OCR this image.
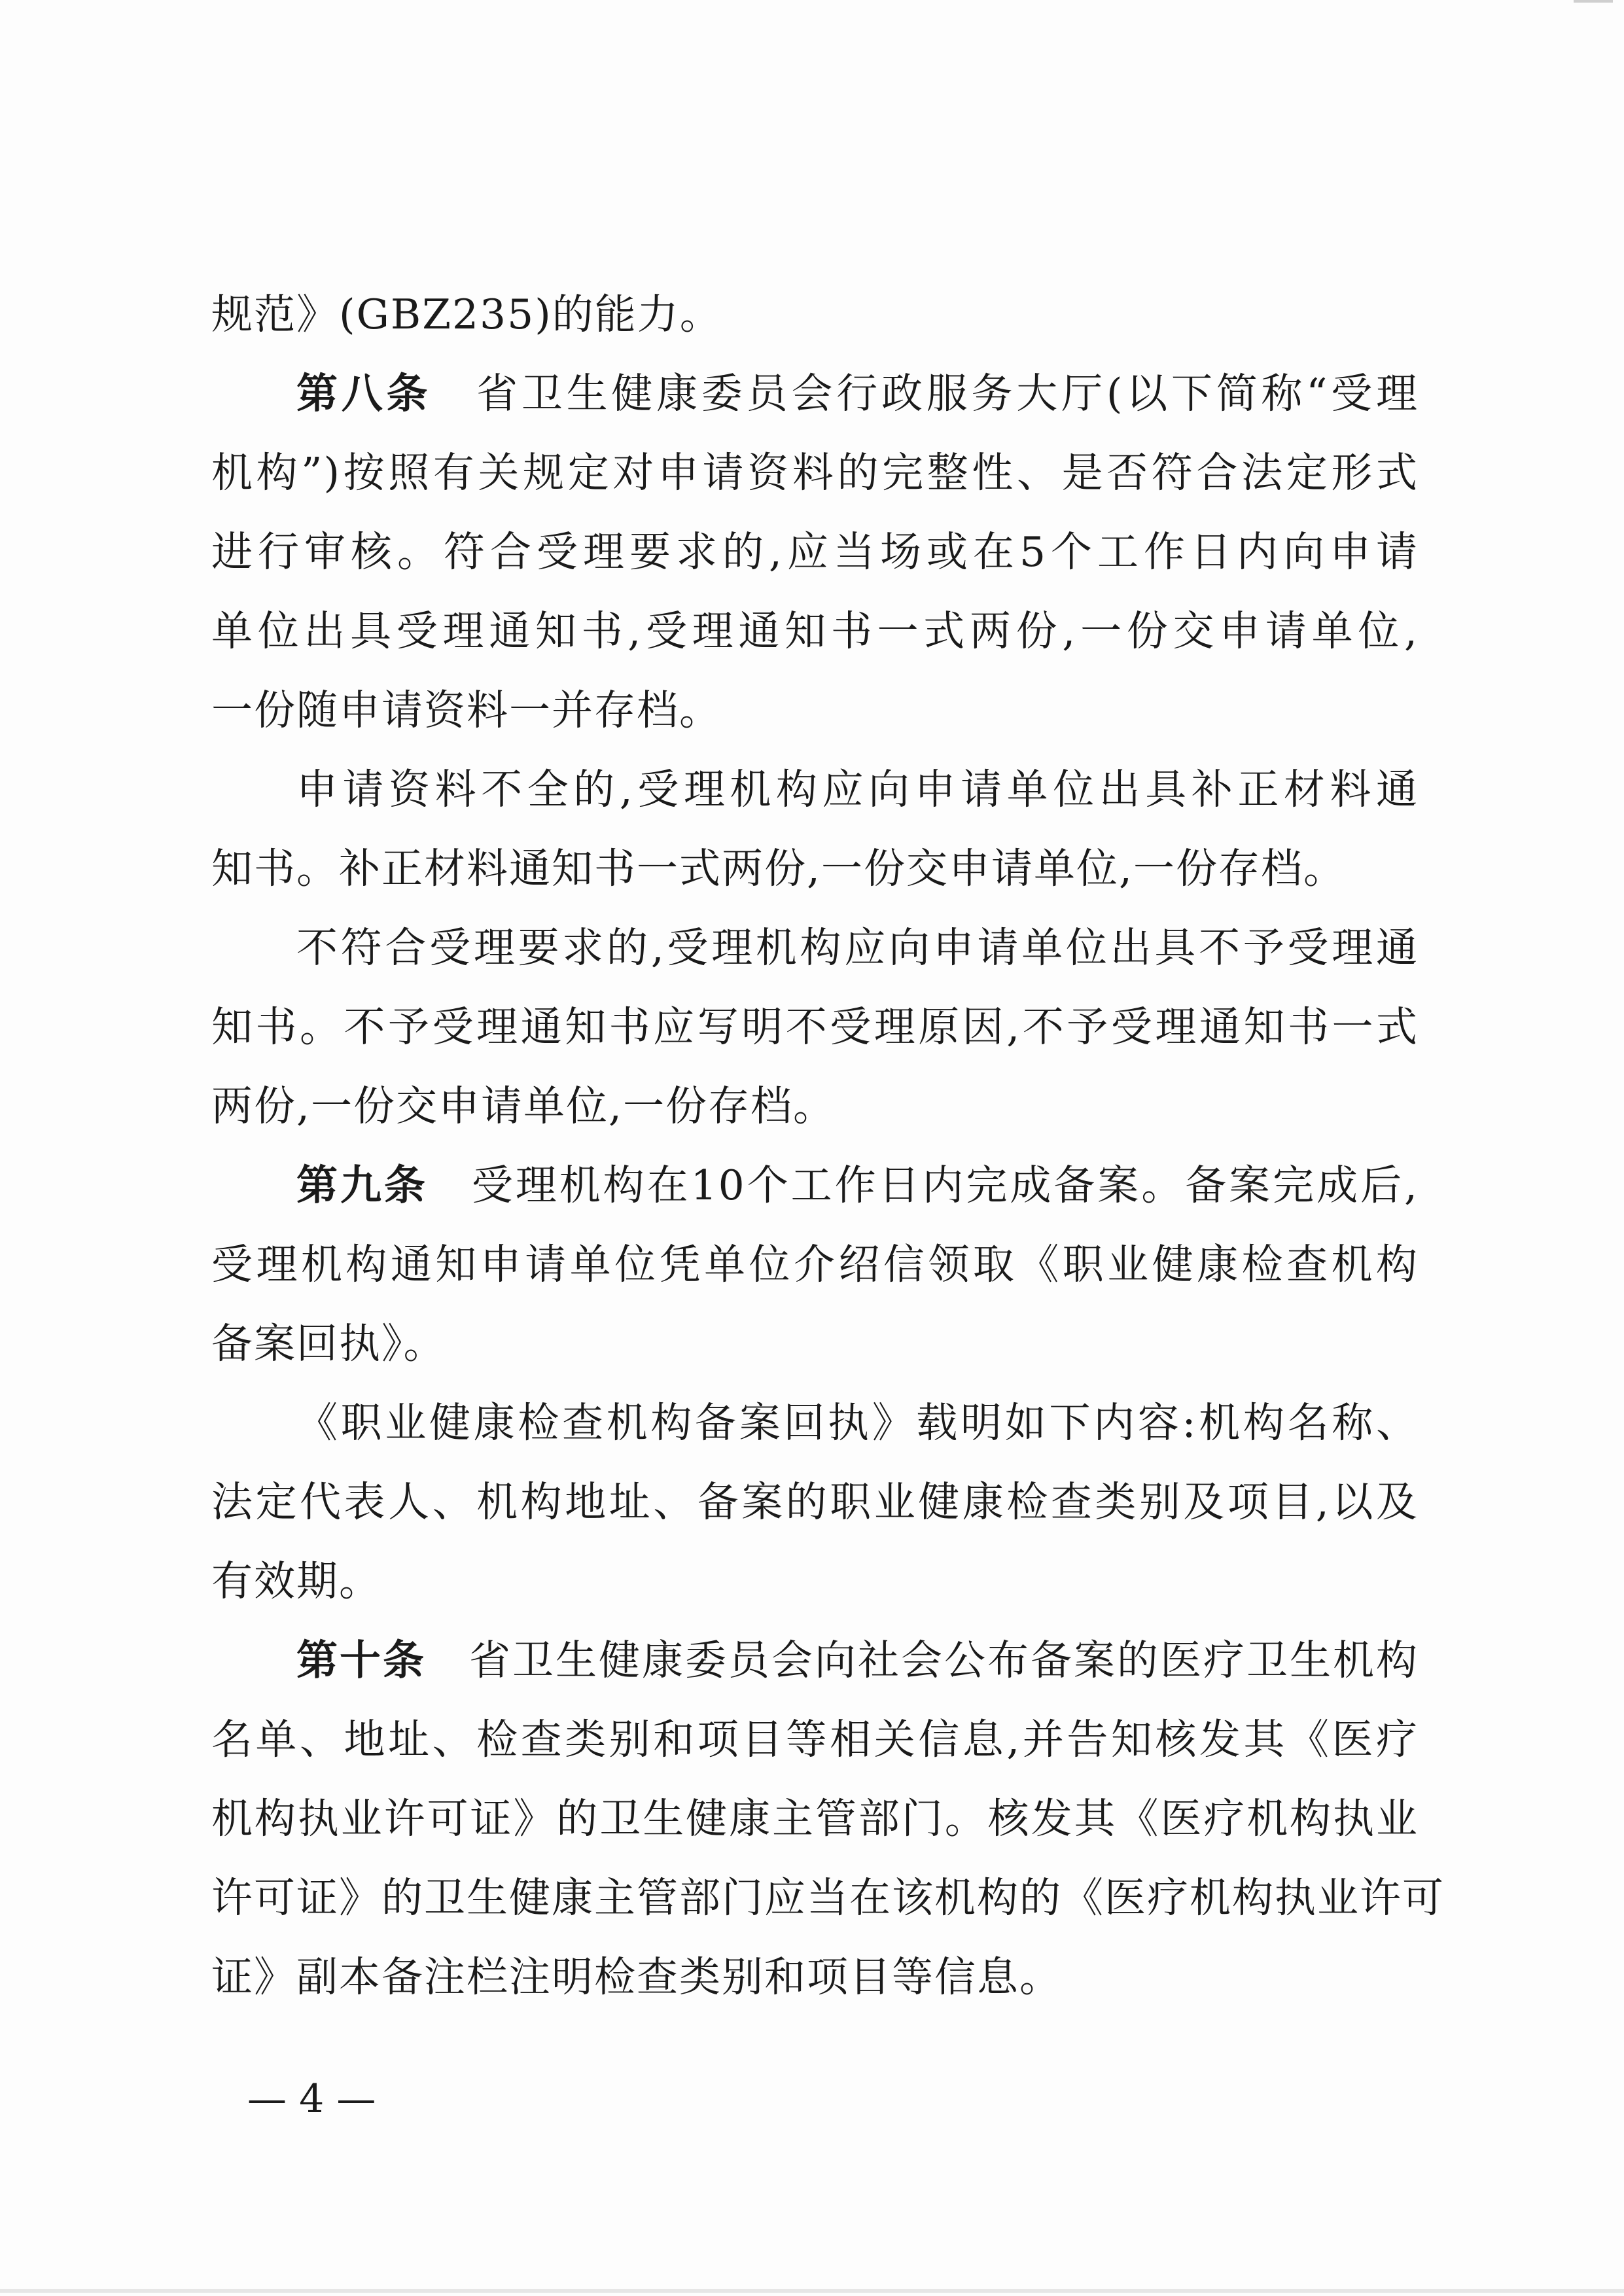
规范》(GBZ235)的能力。
第八条　 省卫生健康委员会行政服务大厅(以下简称“受理
机构”)按照有关规定对申请资料的完整性、是否符合法定形式
进行审核。符合受理要求的,应当场或在5个工作日内向申请
单位出具受理通知书,受理通知书一式两份,一份交申请单位,
一份随申请资料一并存档。
申请资料不全的,受理机构应向申请单位出具补正材料通
知书。补正材料通知书一式两份,一份交申请单位,一份存档。
不符合受理要求的,受理机构应向申请单位出具不予受理通
知书。不予受理通知书应写明不受理原因,不予受理通知书一式
两份,一份交申请单位,一份存档。
第九条　 受理机构在10个工作日内完成备案。备案完成后,
受理机构通知申请单位凭单位介绍信领取《职业健康检查机构
备案回执》。
《职业健康检查机构备案回执》载明如下内容:机构名称、
法定代表人、机构地址、备案的职业健康检查类别及项目,以及
有效期。
第十条　 省卫生健康委员会向社会公布备案的医疗卫生机构
名单、地址、检查类别和项目等相关信息,并告知核发其《医疗
机构执业许可证》的卫生健康主管部门。核发其《医疗机构执业
许可证》的卫生健康主管部门应当在该机构的《医疗机构执业许可
证》副本备注栏注明检查类别和项目等信息。
— 4 —
